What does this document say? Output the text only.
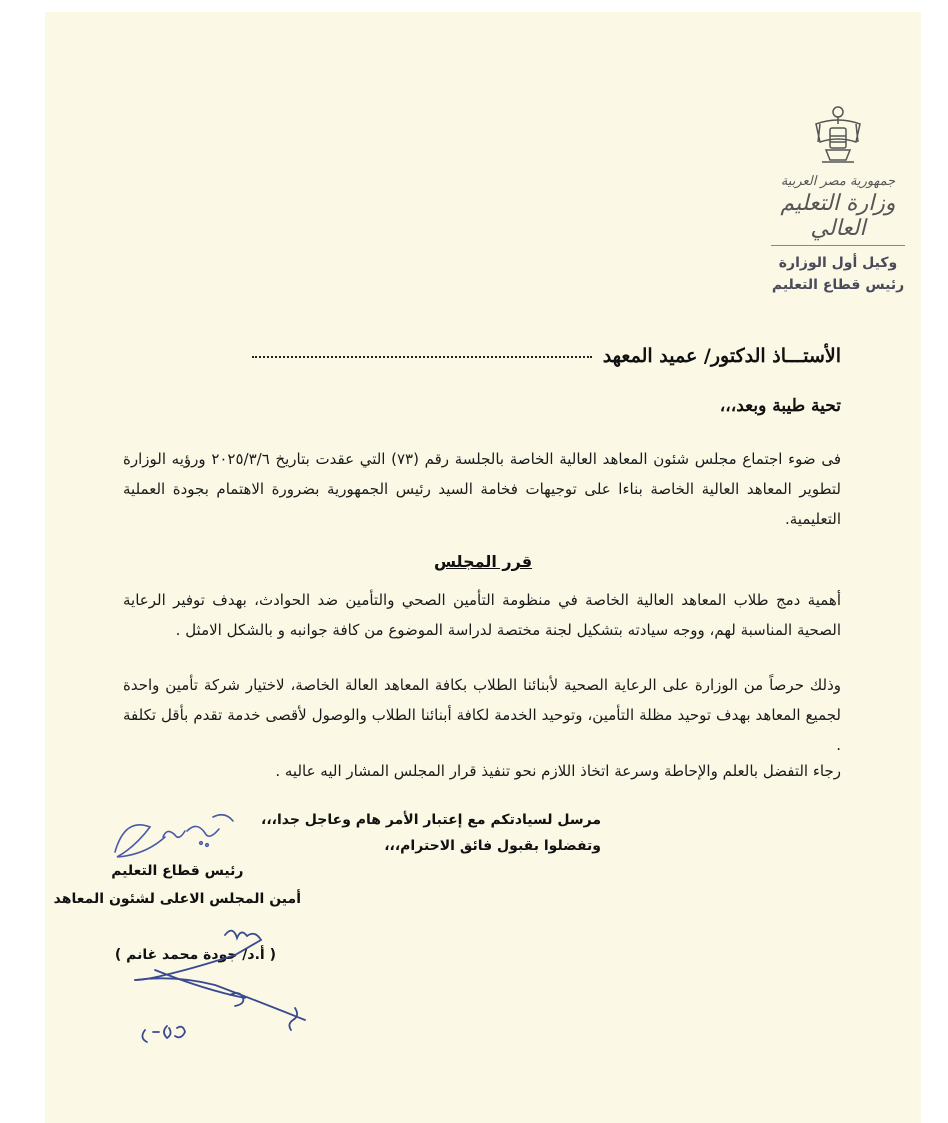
جمهورية مصر العربية
وزارة التعليم العالي
وكيل أول الوزارة
رئيس قطاع التعليم
الأستـــاذ الدكتور/ عميد المعهد
تحية طيبة وبعد،،،
فى ضوء اجتماع مجلس شئون المعاهد العالية الخاصة بالجلسة رقم (٧٣) التي عقدت بتاريخ ٢٠٢٥/٣/٦ ورؤيه الوزارة لتطوير المعاهد العالية الخاصة بناءا على توجيهات فخامة السيد رئيس الجمهورية بضرورة الاهتمام بجودة العملية التعليمية.
قرر المجلس
أهمية دمج طلاب المعاهد العالية الخاصة في منظومة التأمين الصحي والتأمين ضد الحوادث، بهدف توفير الرعاية الصحية المناسبة لهم، ووجه سيادته بتشكيل لجنة مختصة لدراسة الموضوع من كافة جوانبه و بالشكل الامثل .
وذلك حرصاً من الوزارة على الرعاية الصحية لأبنائنا الطلاب بكافة المعاهد العالة الخاصة، لاختيار شركة تأمين واحدة لجميع المعاهد بهدف توحيد مظلة التأمين، وتوحيد الخدمة لكافة أبنائنا الطلاب والوصول لأقصى خدمة تقدم بأقل تكلفة .
رجاء التفضل بالعلم والإحاطة وسرعة اتخاذ اللازم نحو تنفيذ قرار المجلس المشار اليه عاليه .
مرسل لسيادتكم مع إعتبار الأمر هام وعاجل جدا،،،
وتفضلوا بقبول فائق الاحترام،،،
رئيس قطاع التعليم
أمين المجلس الاعلى لشئون المعاهد
( أ.د/ جودة محمد غانم )
